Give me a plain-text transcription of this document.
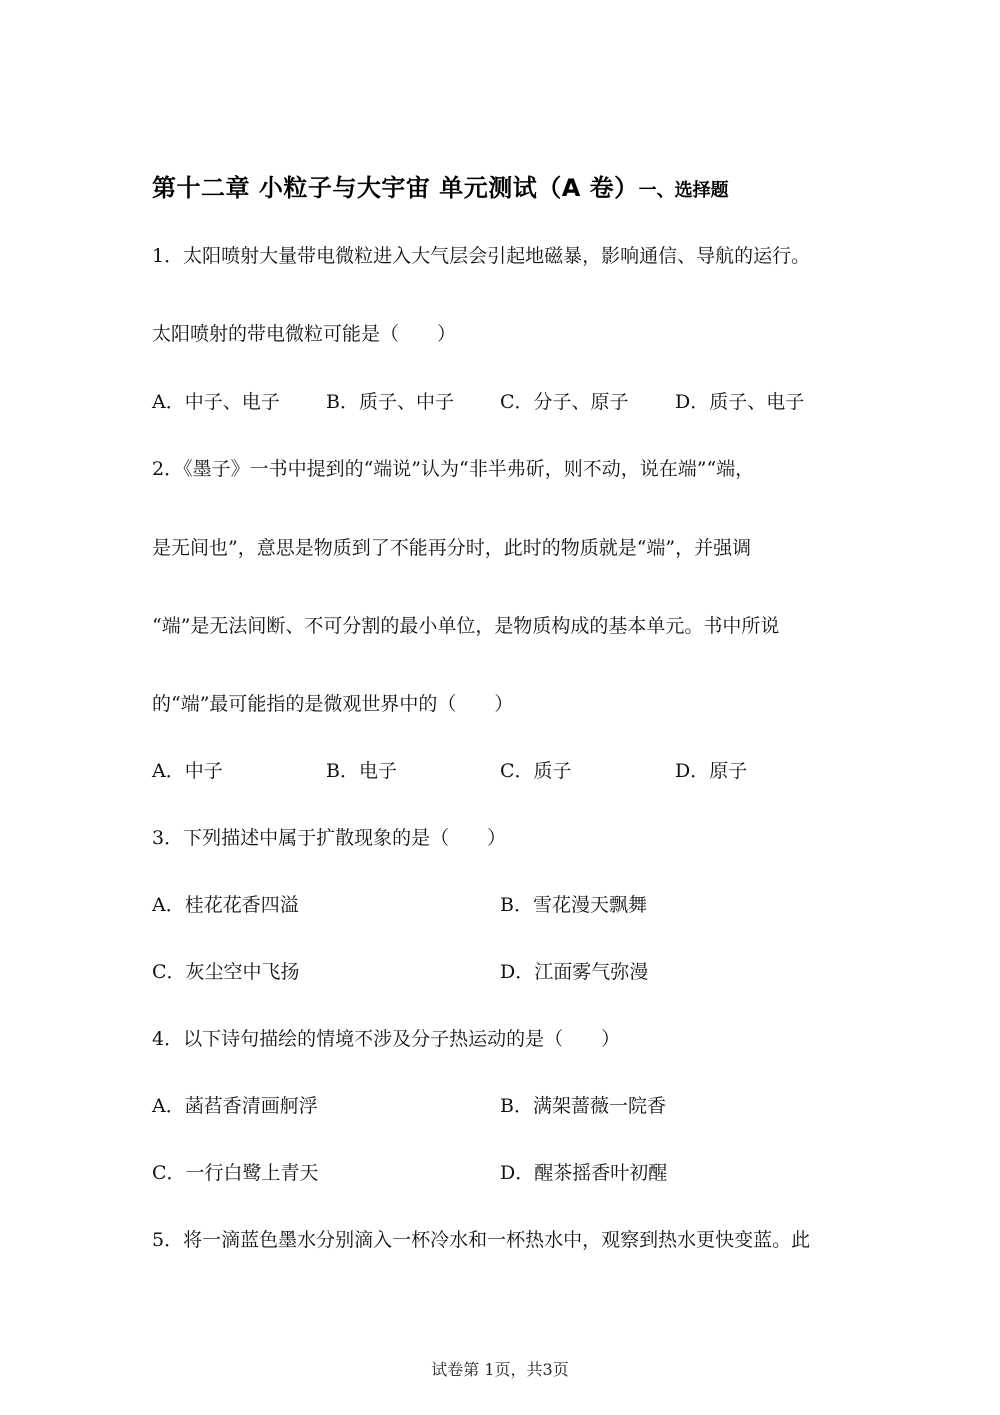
第十二章 小粒子与大宇宙 单元测试（A 卷）一、选择题
1．太阳喷射大量带电微粒进入大气层会引起地磁暴，影响通信、导航的运行。
太阳喷射的带电微粒可能是（　　）
A．中子、电子 B．质子、中子 C．分子、原子 D．质子、电子
2．《墨子》一书中提到的“端说”认为“非半弗斫，则不动，说在端”“端，
是无间也”，意思是物质到了不能再分时，此时的物质就是“端”，并强调
“端”是无法间断、不可分割的最小单位，是物质构成的基本单元。书中所说
的“端”最可能指的是微观世界中的（　　）
A．中子	B．电子	C．质子	D．原子
3．下列描述中属于扩散现象的是（　　）
A．桂花花香四溢	B．雪花漫天飘舞
C．灰尘空中飞扬	D．江面雾气弥漫
4．以下诗句描绘的情境不涉及分子热运动的是（　　）
A．菡萏香清画舸浮	B．满架蔷薇一院香
C．一行白鹭上青天	D．醒茶摇香叶初醒
5．将一滴蓝色墨水分别滴入一杯冷水和一杯热水中，观察到热水更快变蓝。此
试卷第 1页，共3页
